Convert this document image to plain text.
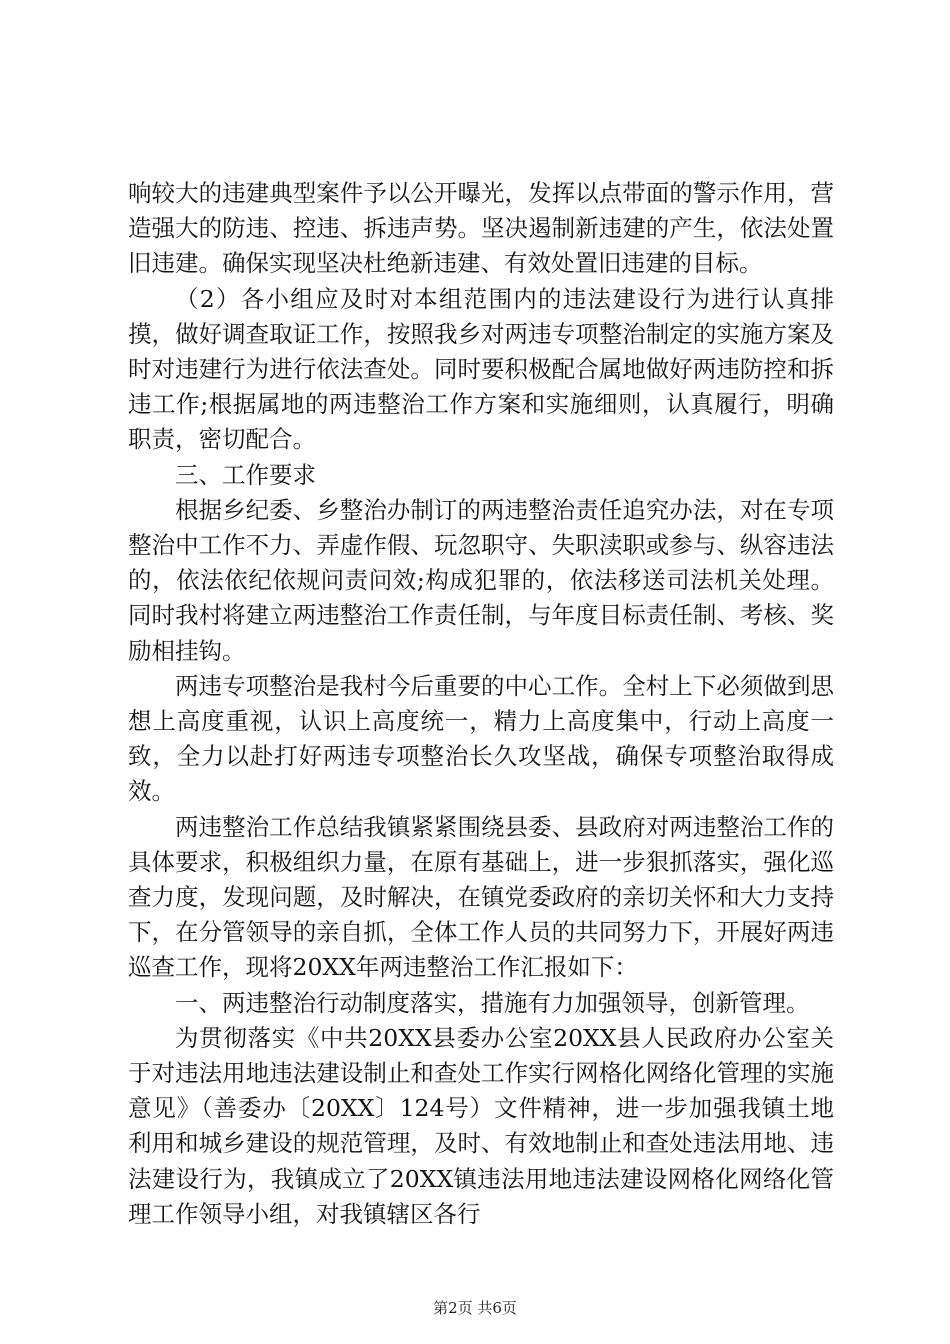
响较大的违建典型案件予以公开曝光，发挥以点带面的警示作用，营造强大的防违、控违、拆违声势。坚决遏制新违建的产生，依法处置旧违建。确保实现坚决杜绝新违建、有效处置旧违建的目标。

（2）各小组应及时对本组范围内的违法建设行为进行认真排摸，做好调查取证工作，按照我乡对两违专项整治制定的实施方案及时对违建行为进行依法查处。同时要积极配合属地做好两违防控和拆违工作;根据属地的两违整治工作方案和实施细则，认真履行，明确职责，密切配合。

三、工作要求

根据乡纪委、乡整治办制订的两违整治责任追究办法，对在专项整治中工作不力、弄虚作假、玩忽职守、失职渎职或参与、纵容违法的，依法依纪依规问责问效;构成犯罪的，依法移送司法机关处理。同时我村将建立两违整治工作责任制，与年度目标责任制、考核、奖励相挂钩。

两违专项整治是我村今后重要的中心工作。全村上下必须做到思想上高度重视，认识上高度统一，精力上高度集中，行动上高度一致，全力以赴打好两违专项整治长久攻坚战，确保专项整治取得成效。

两违整治工作总结我镇紧紧围绕县委、县政府对两违整治工作的具体要求，积极组织力量，在原有基础上，进一步狠抓落实，强化巡查力度，发现问题，及时解决，在镇党委政府的亲切关怀和大力支持下，在分管领导的亲自抓，全体工作人员的共同努力下，开展好两违巡查工作，现将20XX年两违整治工作汇报如下：

一、两违整治行动制度落实，措施有力加强领导，创新管理。

为贯彻落实《中共20XX县委办公室20XX县人民政府办公室关于对违法用地违法建设制止和查处工作实行网格化网络化管理的实施意见》（善委办〔20XX〕124号）文件精神，进一步加强我镇土地利用和城乡建设的规范管理，及时、有效地制止和查处违法用地、违法建设行为，我镇成立了20XX镇违法用地违法建设网格化网络化管理工作领导小组，对我镇辖区各行

第2页 共6页
